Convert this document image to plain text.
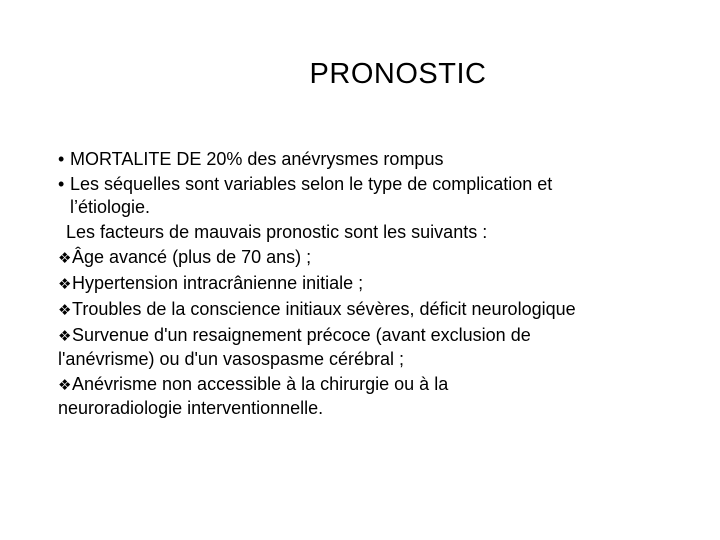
PRONOSTIC
• MORTALITE DE 20% des anévrysmes rompus
• Les séquelles sont variables selon le type de complication et
l’étiologie.
Les facteurs de mauvais pronostic sont les suivants :
❖Âge avancé (plus de 70 ans) ;
❖Hypertension intracrânienne initiale ;
❖Troubles de la conscience initiaux sévères, déficit neurologique
❖Survenue d'un resaignement précoce (avant exclusion de
l'anévrisme) ou d'un vasospasme cérébral ;
❖Anévrisme non accessible à la chirurgie ou à la
neuroradiologie interventionnelle.
